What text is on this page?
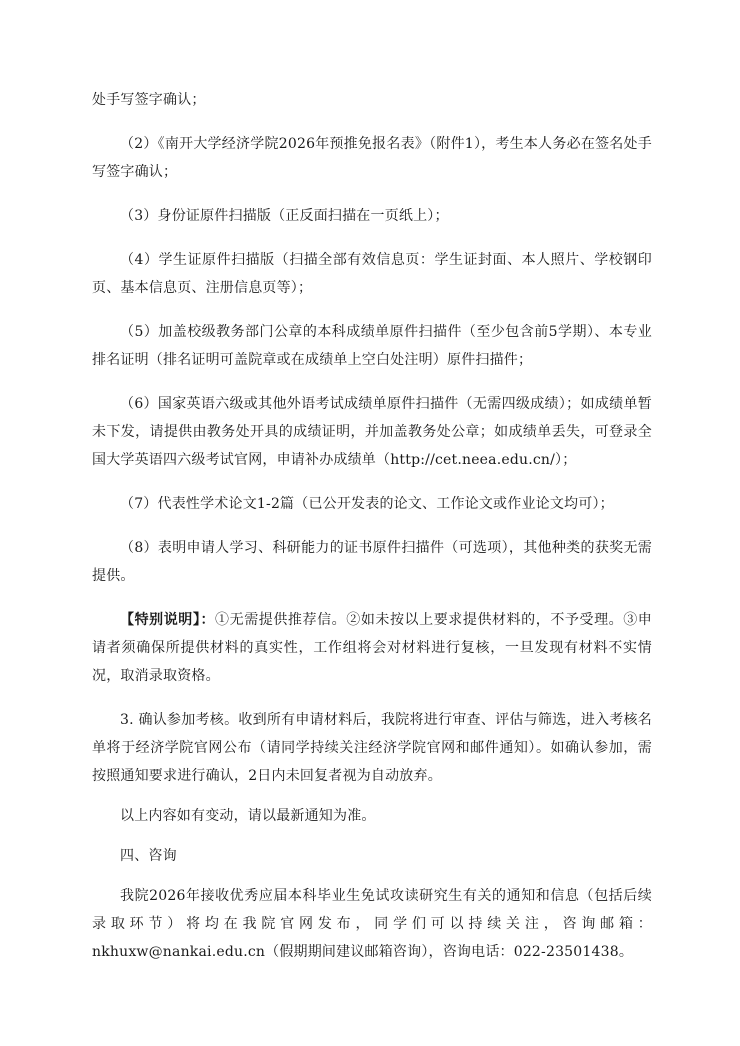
处手写签字确认；

（2）《南开大学经济学院2026年预推免报名表》（附件1），考生本人务必在签名处手写签字确认；

（3）身份证原件扫描版（正反面扫描在一页纸上）；

（4）学生证原件扫描版（扫描全部有效信息页：学生证封面、本人照片、学校钢印页、基本信息页、注册信息页等）；

（5）加盖校级教务部门公章的本科成绩单原件扫描件（至少包含前5学期）、本专业排名证明（排名证明可盖院章或在成绩单上空白处注明）原件扫描件；

（6）国家英语六级或其他外语考试成绩单原件扫描件（无需四级成绩）；如成绩单暂未下发，请提供由教务处开具的成绩证明，并加盖教务处公章；如成绩单丢失，可登录全国大学英语四六级考试官网，申请补办成绩单（http://cet.neea.edu.cn/）；

（7）代表性学术论文1-2篇（已公开发表的论文、工作论文或作业论文均可）；

（8）表明申请人学习、科研能力的证书原件扫描件（可选项），其他种类的获奖无需提供。

【特别说明】：①无需提供推荐信。②如未按以上要求提供材料的，不予受理。③申请者须确保所提供材料的真实性，工作组将会对材料进行复核，一旦发现有材料不实情况，取消录取资格。

3. 确认参加考核。收到所有申请材料后，我院将进行审查、评估与筛选，进入考核名单将于经济学院官网公布（请同学持续关注经济学院官网和邮件通知）。如确认参加，需按照通知要求进行确认，2日内未回复者视为自动放弃。

以上内容如有变动，请以最新通知为准。

四、咨询

我院2026年接收优秀应届本科毕业生免试攻读研究生有关的通知和信息（包括后续录取环节）将均在我院官网发布，同学们可以持续关注，咨询邮箱：nkhuxw@nankai.edu.cn（假期期间建议邮箱咨询），咨询电话：022-23501438。
